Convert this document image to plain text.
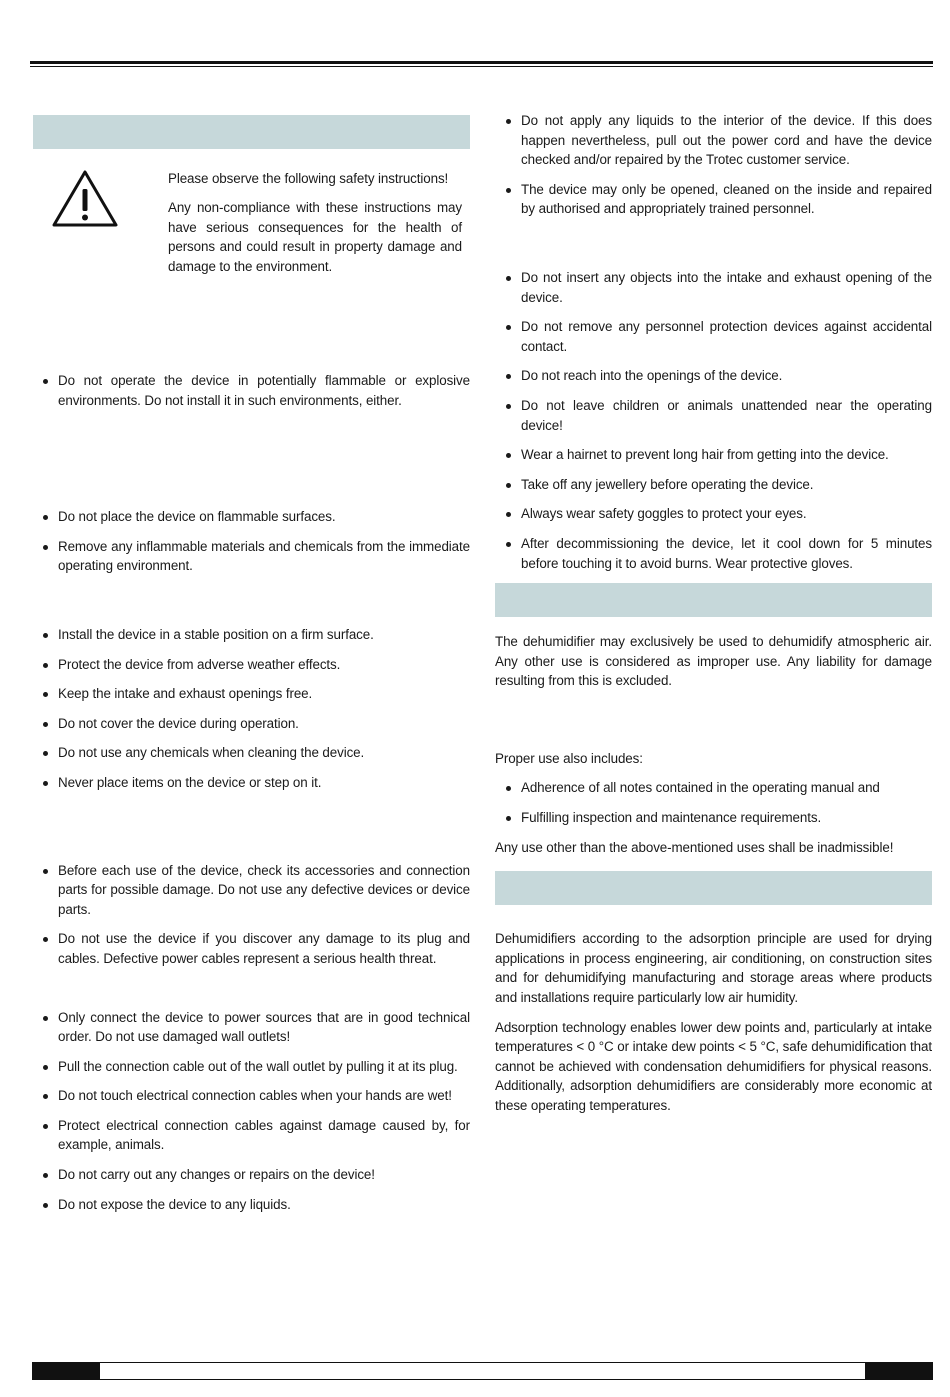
Please observe the following safety instructions!

Any non-compliance with these instructions may have serious consequences for the health of persons and could result in property damage and damage to the environment.

Do not operate the device in potentially flammable or explosive environments. Do not install it in such environments, either.
Do not place the device on flammable surfaces.
Remove any inflammable materials and chemicals from the immediate operating environment.
Install the device in a stable position on a firm surface.
Protect the device from adverse weather effects.
Keep the intake and exhaust openings free.
Do not cover the device during operation.
Do not use any chemicals when cleaning the device.
Never place items on the device or step on it.
Before each use of the device, check its accessories and connection parts for possible damage. Do not use any defective devices or device parts.
Do not use the device if you discover any damage to its plug and cables. Defective power cables represent a serious health threat.
Only connect the device to power sources that are in good technical order. Do not use damaged wall outlets!
Pull the connection cable out of the wall outlet by pulling it at its plug.
Do not touch electrical connection cables when your hands are wet!
Protect electrical connection cables against damage caused by, for example, animals.
Do not carry out any changes or repairs on the device!
Do not expose the device to any liquids.
Do not apply any liquids to the interior of the device. If this does happen nevertheless, pull out the power cord and have the device checked and/or repaired by the Trotec customer service.
The device may only be opened, cleaned on the inside and repaired by authorised and appropriately trained personnel.
Do not insert any objects into the intake and exhaust opening of the device.
Do not remove any personnel protection devices against accidental contact.
Do not reach into the openings of the device.
Do not leave children or animals unattended near the operating device!
Wear a hairnet to prevent long hair from getting into the device.
Take off any jewellery before operating the device.
Always wear safety goggles to protect your eyes.
After decommissioning the device, let it cool down for 5 minutes before touching it to avoid burns. Wear protective gloves.

The dehumidifier may exclusively be used to dehumidify atmospheric air. Any other use is considered as improper use. Any liability for damage resulting from this is excluded.

Proper use also includes:

Adherence of all notes contained in the operating manual and
Fulfilling inspection and maintenance requirements.

Any use other than the above-mentioned uses shall be inadmissible!

Dehumidifiers according to the adsorption principle are used for drying applications in process engineering, air conditioning, on construction sites and for dehumidifying manufacturing and storage areas where products and installations require particularly low air humidity.

Adsorption technology enables lower dew points and, particularly at intake temperatures < 0 °C or intake dew points < 5 °C, safe dehumidification that cannot be achieved with condensation dehumidifiers for physical reasons. Additionally, adsorption dehumidifiers are considerably more economic at these operating temperatures.
